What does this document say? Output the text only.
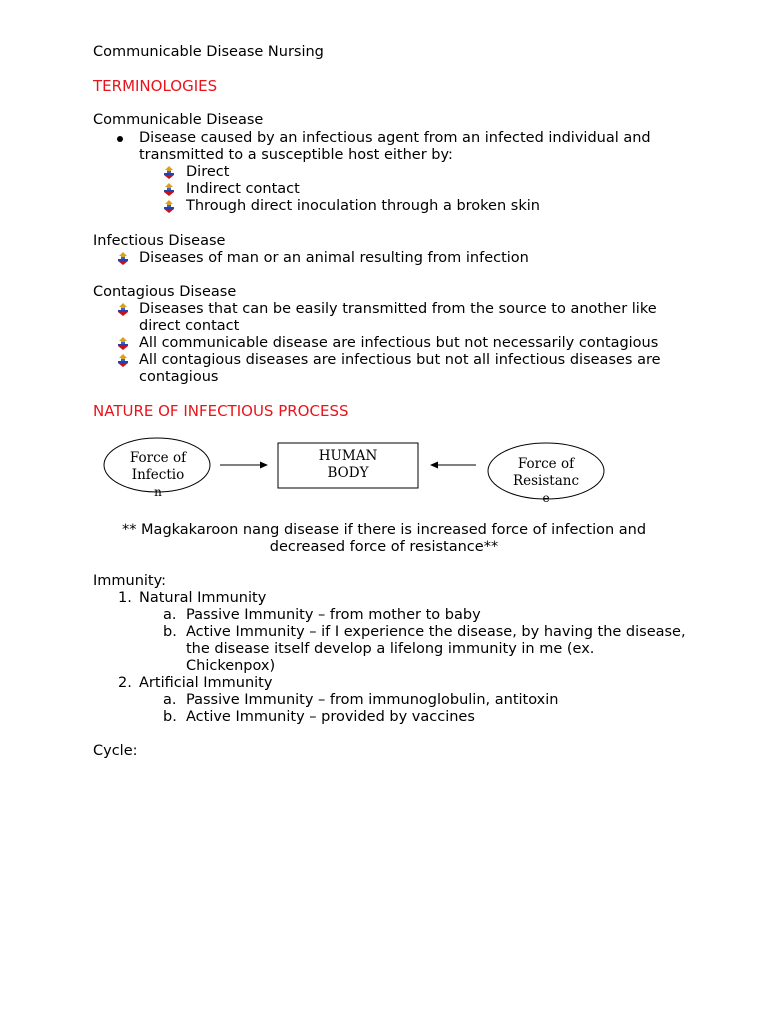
Communicable Disease Nursing
TERMINOLOGIES
Communicable Disease
Disease caused by an infectious agent from an infected individual and
transmitted to a susceptible host either by:
Direct
Indirect contact
Through direct inoculation through a broken skin
Infectious Disease
Diseases of man or an animal resulting from infection
Contagious Disease
Diseases that can be easily transmitted from the source to another like
direct contact
All communicable disease are infectious but not necessarily contagious
All contagious diseases are infectious but not all infectious diseases are
contagious
NATURE OF INFECTIOUS PROCESS
Force of
Infectio
n
HUMAN
BODY
Force of
Resistanc
e
** Magkakaroon nang disease if there is increased force of infection and
decreased force of resistance**
Immunity:
1. Natural Immunity
a. Passive Immunity – from mother to baby
b. Active Immunity – if I experience the disease, by having the disease,
the disease itself develop a lifelong immunity in me (ex.
Chickenpox)
2. Artificial Immunity
a. Passive Immunity – from immunoglobulin, antitoxin
b. Active Immunity – provided by vaccines
Cycle:
